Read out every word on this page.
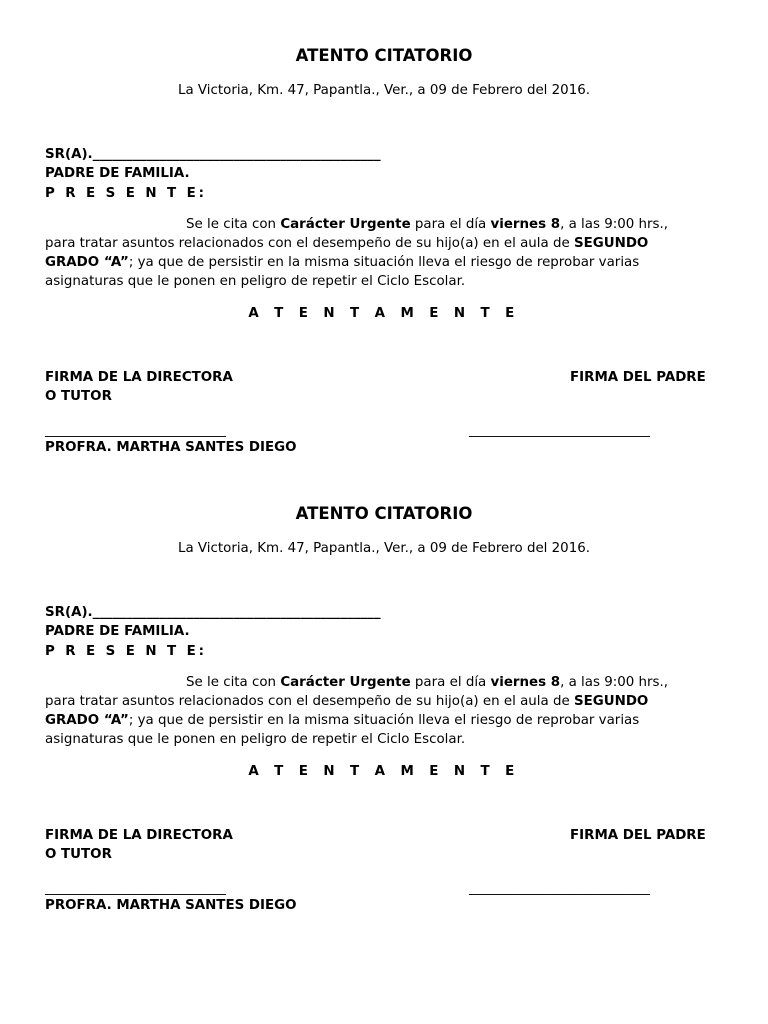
ATENTO CITATORIO
La Victoria, Km. 47, Papantla., Ver., a 09 de Febrero del 2016.
SR(A).___________________________________________
PADRE DE FAMILIA.
P R E S E N T E:
Se le cita con Carácter Urgente para el día viernes 8, a las 9:00 hrs.,
para tratar asuntos relacionados con el desempeño de su hijo(a) en el aula de SEGUNDO
GRADO “A”; ya que de persistir en la misma situación lleva el riesgo de reprobar varias
asignaturas que le ponen en peligro de repetir el Ciclo Escolar.
A T E N T A M E N T E
FIRMA DE LA DIRECTORA
O TUTOR
FIRMA DEL PADRE
___________________________	___________________________
PROFRA. MARTHA SANTES DIEGO
ATENTO CITATORIO
La Victoria, Km. 47, Papantla., Ver., a 09 de Febrero del 2016.
SR(A).___________________________________________
PADRE DE FAMILIA.
P R E S E N T E:
Se le cita con Carácter Urgente para el día viernes 8, a las 9:00 hrs.,
para tratar asuntos relacionados con el desempeño de su hijo(a) en el aula de SEGUNDO
GRADO “A”; ya que de persistir en la misma situación lleva el riesgo de reprobar varias
asignaturas que le ponen en peligro de repetir el Ciclo Escolar.
A T E N T A M E N T E
FIRMA DE LA DIRECTORA
O TUTOR
FIRMA DEL PADRE
___________________________	___________________________
PROFRA. MARTHA SANTES DIEGO
